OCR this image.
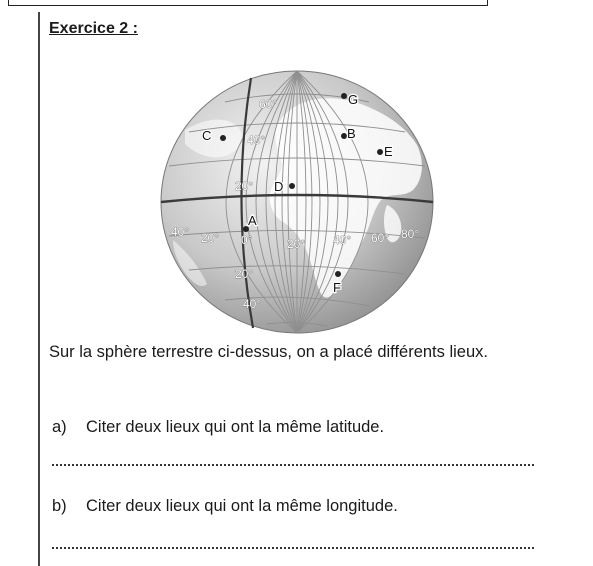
Exercice 2 :
60°
40°
20°
20°
40°
40° 20° 0°	20° 40° 60° 80°
A
B
C
D
E
F
G
Sur la sphère terrestre ci-dessus, on a placé différents lieux.
a) Citer deux lieux qui ont la même latitude.
b) Citer deux lieux qui ont la même longitude.
